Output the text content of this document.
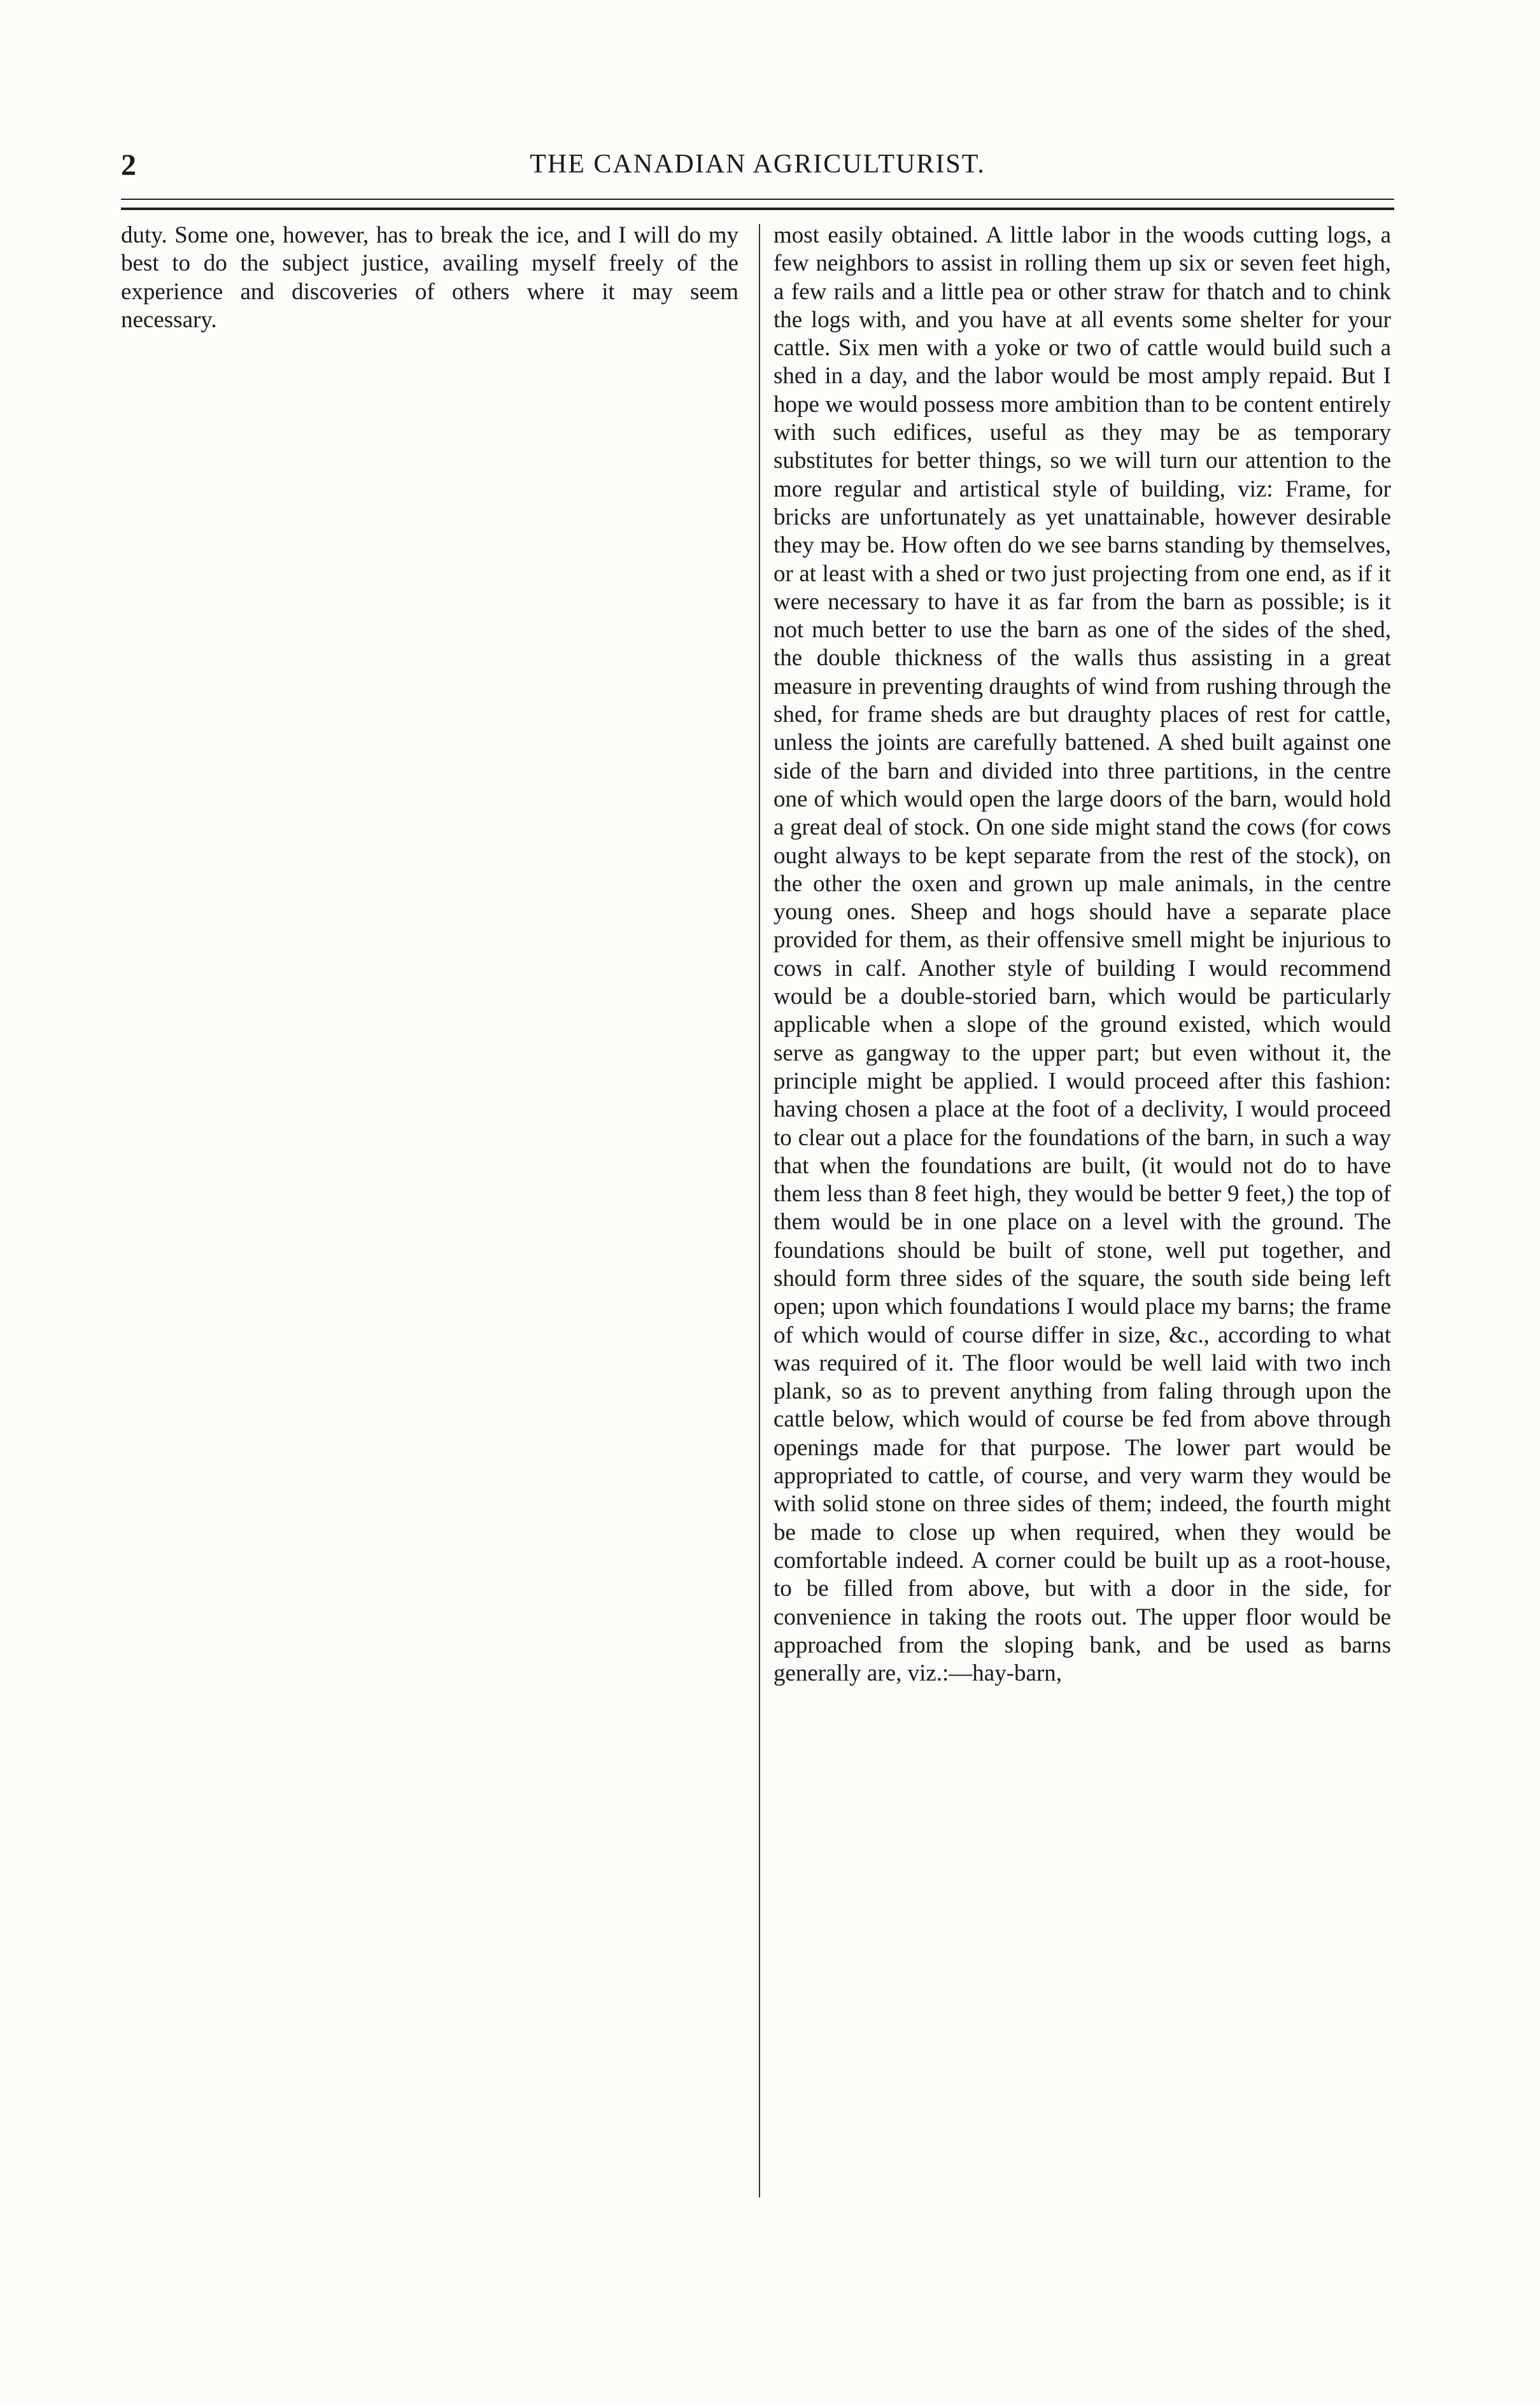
2	THE CANADIAN AGRICULTURIST.

duty. Some one, however, has to break the ice, and I will do my best to do the subject justice, availing myself freely of the experience and discoveries of others where it may seem necessary.

most easily obtained. A little labor in the woods cutting logs, a few neighbors to assist in rolling them up six or seven feet high, a few rails and a little pea or other straw for thatch and to chink the logs with, and you have at all events some shelter for your cattle. Six men with a yoke or two of cattle would build such a shed in a day, and the labor would be most amply repaid. But I hope we would possess more ambition than to be content entirely with such edifices, useful as they may be as temporary substitutes for better things, so we will turn our attention to the more regular and artistical style of building, viz: Frame, for bricks are unfortunately as yet unattainable, however desirable they may be. How often do we see barns standing by themselves, or at least with a shed or two just projecting from one end, as if it were necessary to have it as far from the barn as possible; is it not much better to use the barn as one of the sides of the shed, the double thickness of the walls thus assisting in a great measure in preventing draughts of wind from rushing through the shed, for frame sheds are but draughty places of rest for cattle, unless the joints are carefully battened. A shed built against one side of the barn and divided into three partitions, in the centre one of which would open the large doors of the barn, would hold a great deal of stock. On one side might stand the cows (for cows ought always to be kept separate from the rest of the stock), on the other the oxen and grown up male animals, in the centre young ones. Sheep and hogs should have a separate place provided for them, as their offensive smell might be injurious to cows in calf. Another style of building I would recommend would be a double-storied barn, which would be particularly applicable when a slope of the ground existed, which would serve as gangway to the upper part; but even without it, the principle might be applied. I would proceed after this fashion: having chosen a place at the foot of a declivity, I would proceed to clear out a place for the foundations of the barn, in such a way that when the foundations are built, (it would not do to have them less than 8 feet high, they would be better 9 feet,) the top of them would be in one place on a level with the ground. The foundations should be built of stone, well put together, and should form three sides of the square, the south side being left open; upon which foundations I would place my barns; the frame of which would of course differ in size, &c., according to what was required of it. The floor would be well laid with two inch plank, so as to prevent anything from faling through upon the cattle below, which would of course be fed from above through openings made for that purpose. The lower part would be appropriated to cattle, of course, and very warm they would be with solid stone on three sides of them; indeed, the fourth might be made to close up when required, when they would be comfortable indeed. A corner could be built up as a root-house, to be filled from above, but with a door in the side, for convenience in taking the roots out. The upper floor would be approached from the sloping bank, and be used as barns generally are, viz.:—hay-barn,
